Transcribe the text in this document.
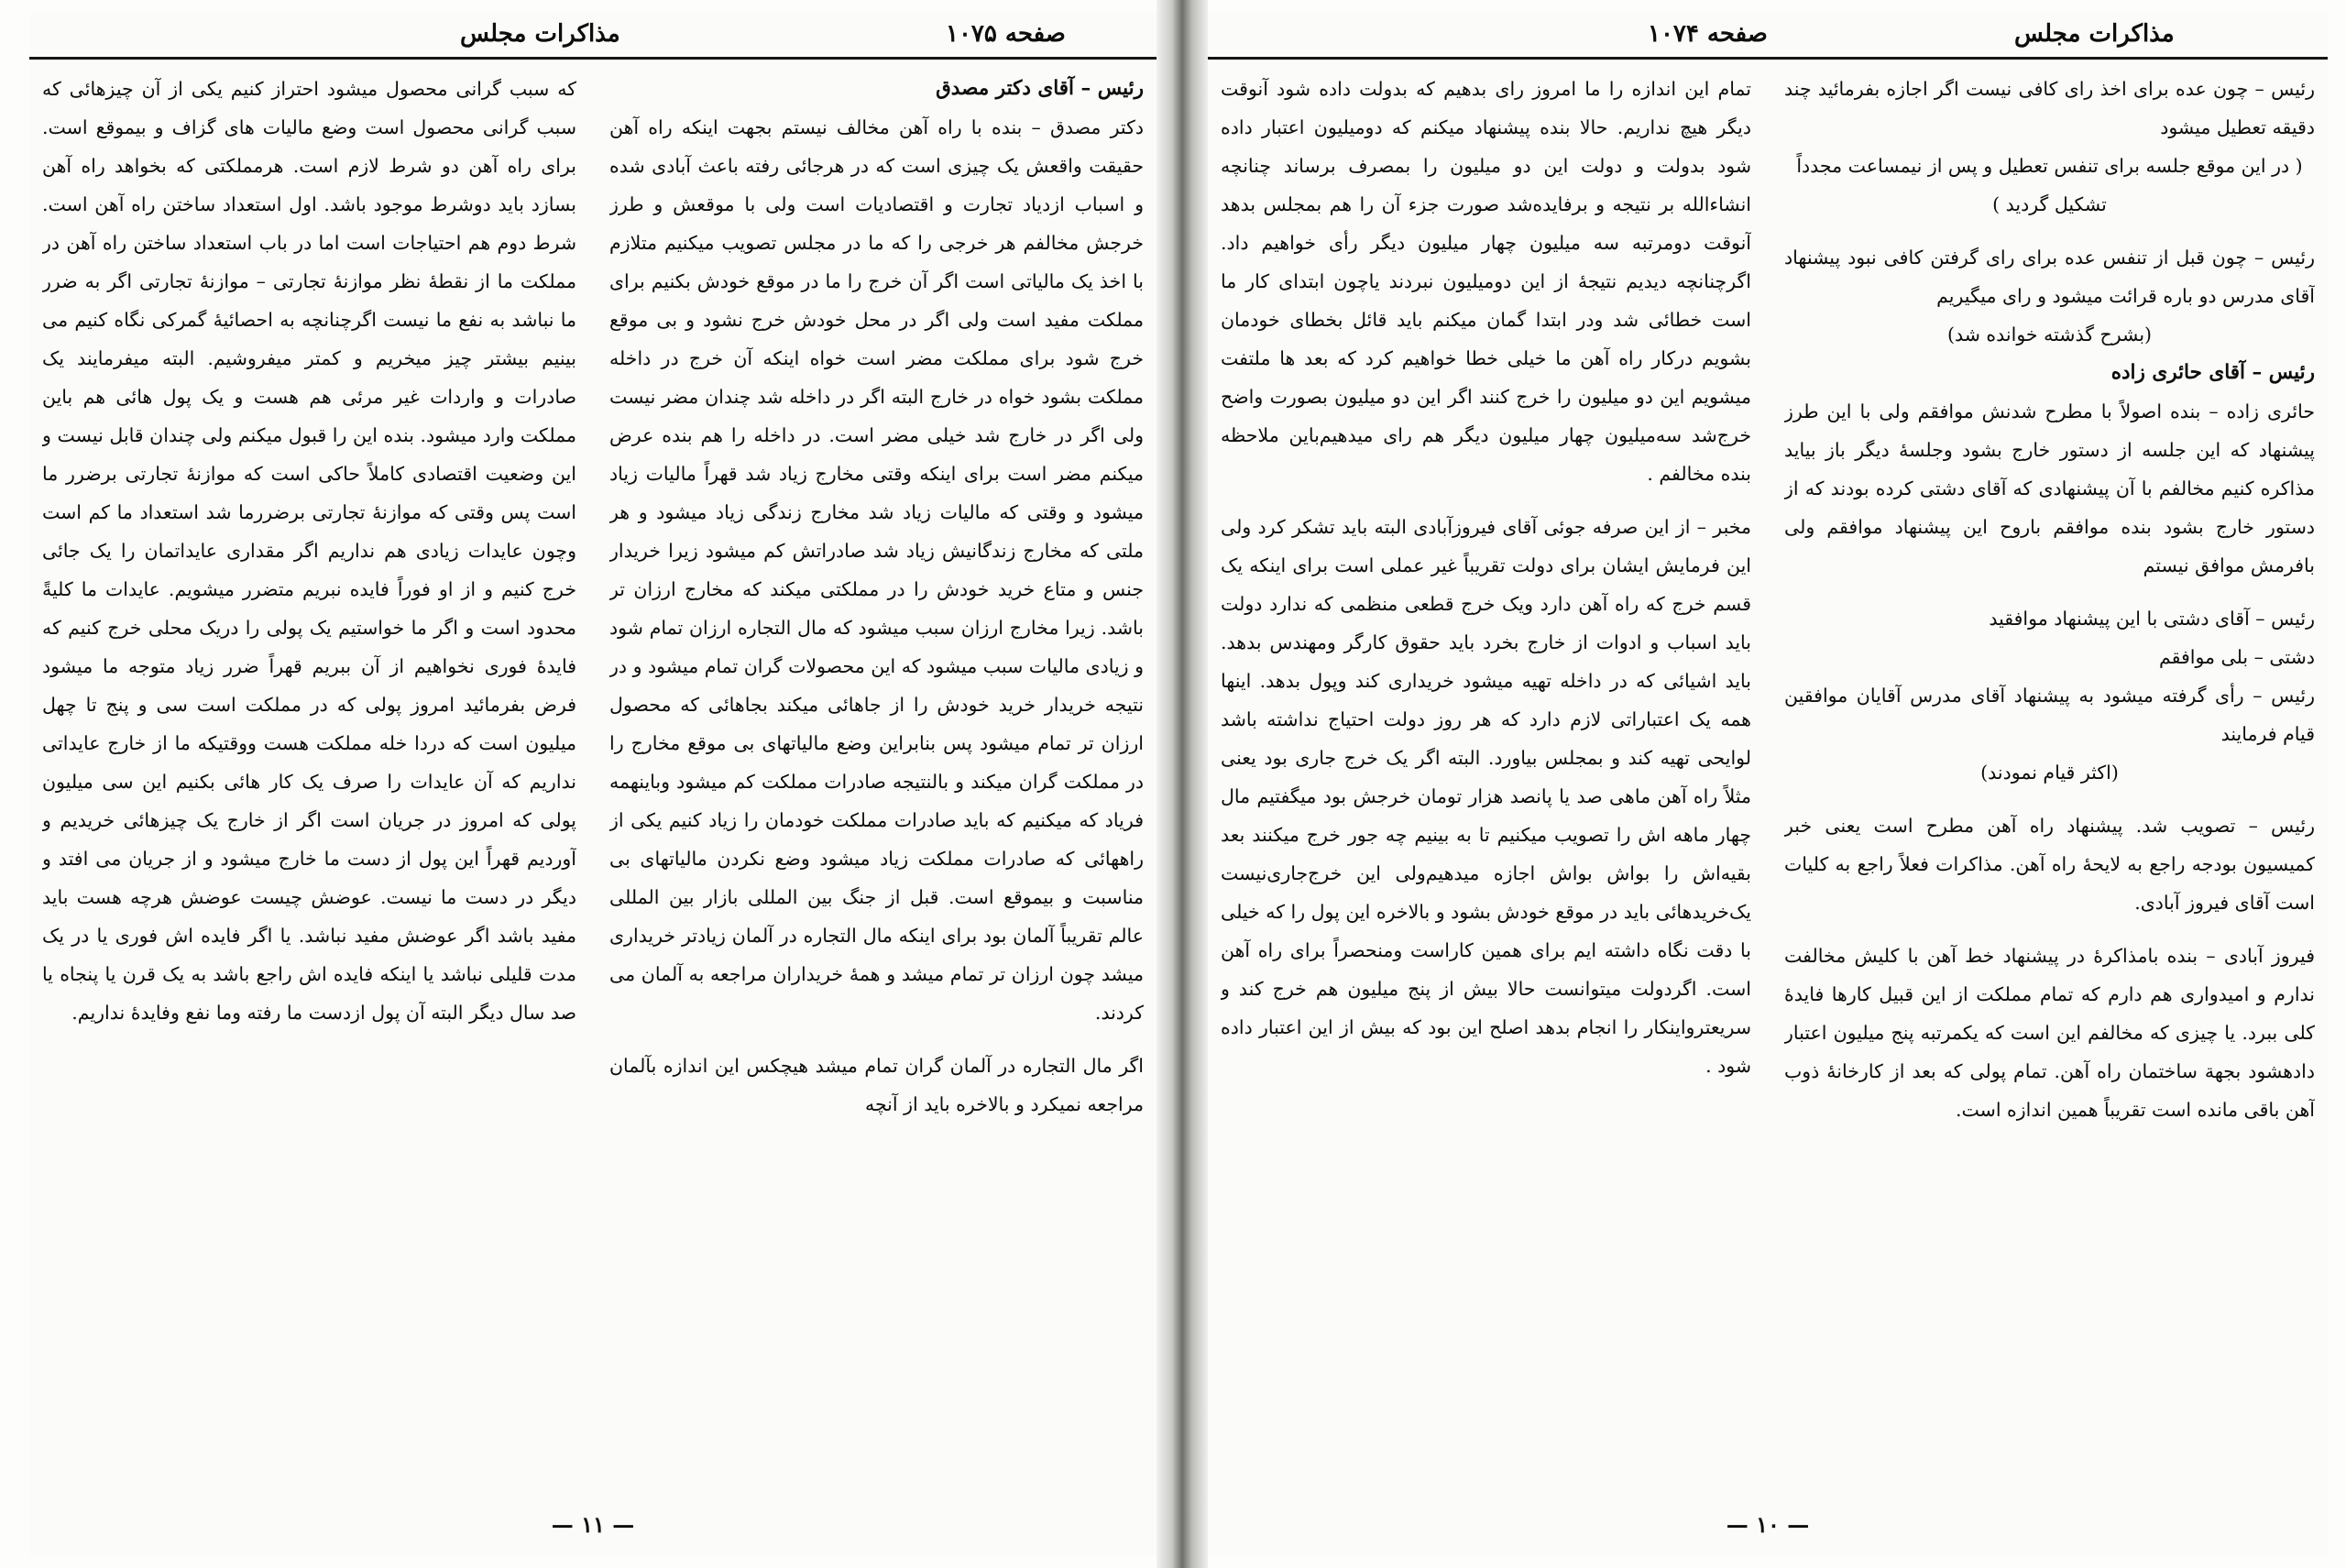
مذاکرات مجلس	صفحه ۱۰۷۵

رئیس – آقای دکتر مصدق

دکتر مصدق – بنده با راه آهن مخالف نیستم بجهت اینکه راه آهن حقیقت واقعش یک چیزی است که در هرجائی رفته باعث آبادی شده و اسباب ازدیاد تجارت و اقتصادیات است ولی با موقعش و طرز خرجش مخالفم هر خرجی را که ما در مجلس تصویب میکنیم متلازم با اخذ یک مالیاتی است اگر آن خرج را ما در موقع خودش بکنیم برای مملکت مفید است ولی اگر در محل خودش خرج نشود و بی موقع خرج شود برای مملکت مضر است خواه اینکه آن خرج در داخله مملکت بشود خواه در خارج البته اگر در داخله شد چندان مضر نیست ولی اگر در خارج شد خیلی مضر است. در داخله را هم بنده عرض میکنم مضر است برای اینکه وقتی مخارج زیاد شد قهراً مالیات زیاد میشود و وقتی که مالیات زیاد شد مخارج زندگی زیاد میشود و هر ملتی که مخارج زندگانیش زیاد شد صادراتش کم میشود زیرا خریدار جنس و متاع خرید خودش را در مملکتی میکند که مخارج ارزان تر باشد. زیرا مخارج ارزان سبب میشود که مال التجاره ارزان تمام شود و زیادی مالیات سبب میشود که این محصولات گران تمام میشود و در نتیجه خریدار خرید خودش را از جاهائی میکند بجاهائی که محصول ارزان تر تمام میشود پس بنابراین وضع مالیاتهای بی موقع مخارج را در مملکت گران میکند و بالنتیجه صادرات مملکت کم میشود وباینهمه فریاد که میکنیم که باید صادرات مملکت خودمان را زیاد کنیم یکی از راههائی که صادرات مملکت زیاد میشود وضع نکردن مالیاتهای بی مناسبت و بیموقع است. قبل از جنگ بین المللی بازار بین المللی عالم تقریباً آلمان بود برای اینکه مال التجاره در آلمان زیادتر خریداری میشد چون ارزان تر تمام میشد و همهٔ خریداران مراجعه به آلمان می کردند.

اگر مال التجاره در آلمان گران تمام میشد هیچکس این اندازه بآلمان مراجعه نمیکرد و بالاخره باید از آنچه

که سبب گرانی محصول میشود احتراز کنیم یکی از آن چیزهائی که سبب گرانی محصول است وضع مالیات های گزاف و بیموقع است. برای راه آهن دو شرط لازم است. هرمملکتی که بخواهد راه آهن بسازد باید دوشرط موجود باشد. اول استعداد ساختن راه آهن است. شرط دوم هم احتیاجات است اما در باب استعداد ساختن راه آهن در مملکت ما از نقطهٔ نظر موازنهٔ تجارتی – موازنهٔ تجارتی اگر به ضرر ما نباشد به نفع ما نیست اگرچنانچه به احصائیهٔ گمرکی نگاه کنیم می بینیم بیشتر چیز میخریم و کمتر میفروشیم. البته میفرمایند یک صادرات و واردات غیر مرئی هم هست و یک پول هائی هم باین مملکت وارد میشود. بنده این را قبول میکنم ولی چندان قابل نیست و این وضعیت اقتصادی کاملاً حاکی است که موازنهٔ تجارتی برضرر ما است پس وقتی که موازنهٔ تجارتی برضررما شد استعداد ما کم است وچون عایدات زیادی هم نداریم اگر مقداری عایداتمان را یک جائی خرج کنیم و از او فوراً فایده نبریم متضرر میشویم. عایدات ما کلیةً محدود است و اگر ما خواستیم یک پولی را دریک محلی خرج کنیم که فایدهٔ فوری نخواهیم از آن ببریم قهراً ضرر زیاد متوجه ما میشود فرض بفرمائید امروز پولی که در مملکت است سی و پنج تا چهل میلیون است که دردا خله مملکت هست ووقتیکه ما از خارج عایداتی نداریم که آن عایدات را صرف یک کار هائی بکنیم این سی میلیون پولی که امروز در جریان است اگر از خارج یک چیزهائی خریدیم و آوردیم قهراً این پول از دست ما خارج میشود و از جریان می افتد و دیگر در دست ما نیست. عوضش چیست عوضش هرچه هست باید مفید باشد اگر عوضش مفید نباشد. یا اگر فایده اش فوری یا در یک مدت قلیلی نباشد یا اینکه فایده اش راجع باشد به یک قرن یا پنجاه یا صد سال دیگر البته آن پول ازدست ما رفته وما نفع وفایدهٔ نداریم.

— ۱۱ —
مذاکرات مجلس
صفحه ۱۰۷۴

رئیس – چون عده برای اخذ رای کافی نیست اگر اجازه بفرمائید چند دقیقه تعطیل میشود

( در این موقع جلسه برای تنفس تعطیل و پس از نیمساعت مجدداً تشکیل گردید )

رئیس – چون قبل از تنفس عده برای رای گرفتن کافی نبود پیشنهاد آقای مدرس دو باره قرائت میشود و رای میگیریم

(بشرح گذشته خوانده شد)

رئیس – آقای حائری زاده

حائری زاده – بنده اصولاً با مطرح شدنش موافقم ولی با این طرز پیشنهاد که این جلسه از دستور خارج بشود وجلسهٔ دیگر باز بیاید مذاکره کنیم مخالفم با آن پیشنهادی که آقای دشتی کرده بودند که از دستور خارج بشود بنده موافقم باروح این پیشنهاد موافقم ولی بافرمش موافق نیستم

رئیس – آقای دشتی با این پیشنهاد موافقید

دشتی – بلی موافقم

رئیس – رأی گرفته میشود به پیشنهاد آقای مدرس آقایان موافقین قیام فرمایند

(اکثر قیام نمودند)

رئیس – تصویب شد. پیشنهاد راه آهن مطرح است یعنی خبر کمیسیون بودجه راجع به لایحهٔ راه آهن. مذاکرات فعلاً راجع به کلیات است آقای فیروز آبادی.

فیروز آبادی – بنده بامذاکرهٔ در پیشنهاد خط آهن با کلیش مخالفت ندارم و امیدواری هم دارم که تمام مملکت از این قبیل کارها فایدهٔ کلی ببرد. یا چیزی که مخالفم این است که یکمرتبه پنج میلیون اعتبار دادهشود بجهة ساختمان راه آهن. تمام پولی که بعد از کارخانهٔ ذوب آهن باقی مانده است تقریباً همین اندازه است.

تمام این اندازه را ما امروز رای بدهیم که بدولت داده شود آنوقت دیگر هیچ نداریم. حالا بنده پیشنهاد میکنم که دومیلیون اعتبار داده شود بدولت و دولت این دو میلیون را بمصرف برساند چنانچه انشاءالله بر نتیجه و برفایده‌شد صورت جزء آن را هم بمجلس بدهد آنوقت دومرتبه سه میلیون چهار میلیون دیگر رأی خواهیم داد. اگرچنانچه دیدیم نتیجهٔ از این دومیلیون نبردند یاچون ابتدای کار ما است خطائی شد ودر ابتدا گمان میکنم باید قائل بخطای خودمان بشویم درکار راه آهن ما خیلی خطا خواهیم کرد که بعد ها ملتفت میشویم این دو میلیون را خرج کنند اگر این دو میلیون بصورت واضح خرج‌شد سه‌میلیون چهار میلیون دیگر هم رای میدهیم‌باین ملاحظه بنده مخالفم .

مخبر – از این صرفه جوئی آقای فیروزآبادی البته باید تشکر کرد ولی این فرمایش ایشان برای دولت تقریباً غیر عملی است برای اینکه یک قسم خرج که راه آهن دارد ویک خرج قطعی منظمی که ندارد دولت باید اسباب و ادوات از خارج بخرد باید حقوق کارگر ومهندس بدهد. باید اشیائی که در داخله تهیه میشود خریداری کند وپول بدهد. اینها همه یک اعتباراتی لازم دارد که هر روز دولت احتیاج نداشته باشد لوایحی تهیه کند و بمجلس بیاورد. البته اگر یک خرج جاری بود یعنی مثلاً راه آهن ماهی صد یا پانصد هزار تومان خرجش بود میگفتیم مال چهار ماهه اش را تصویب میکنیم تا به بینیم چه جور خرج میکنند بعد بقیه‌اش را بواش بواش اجازه میدهیم‌ولی این خرج‌جاری‌نیست یک‌خریدهائی باید در موقع خودش بشود و بالاخره این پول را که خیلی با دقت نگاه داشته ایم برای همین کارا‌ست ومنحصراً برای راه آهن است. اگردولت میتوانست حالا بیش از پنج میلیون هم خرج کند و سریعترواینکار را انجام بدهد اصلح این بود که بیش از این اعتبار داده شود .

— ۱۰ —
